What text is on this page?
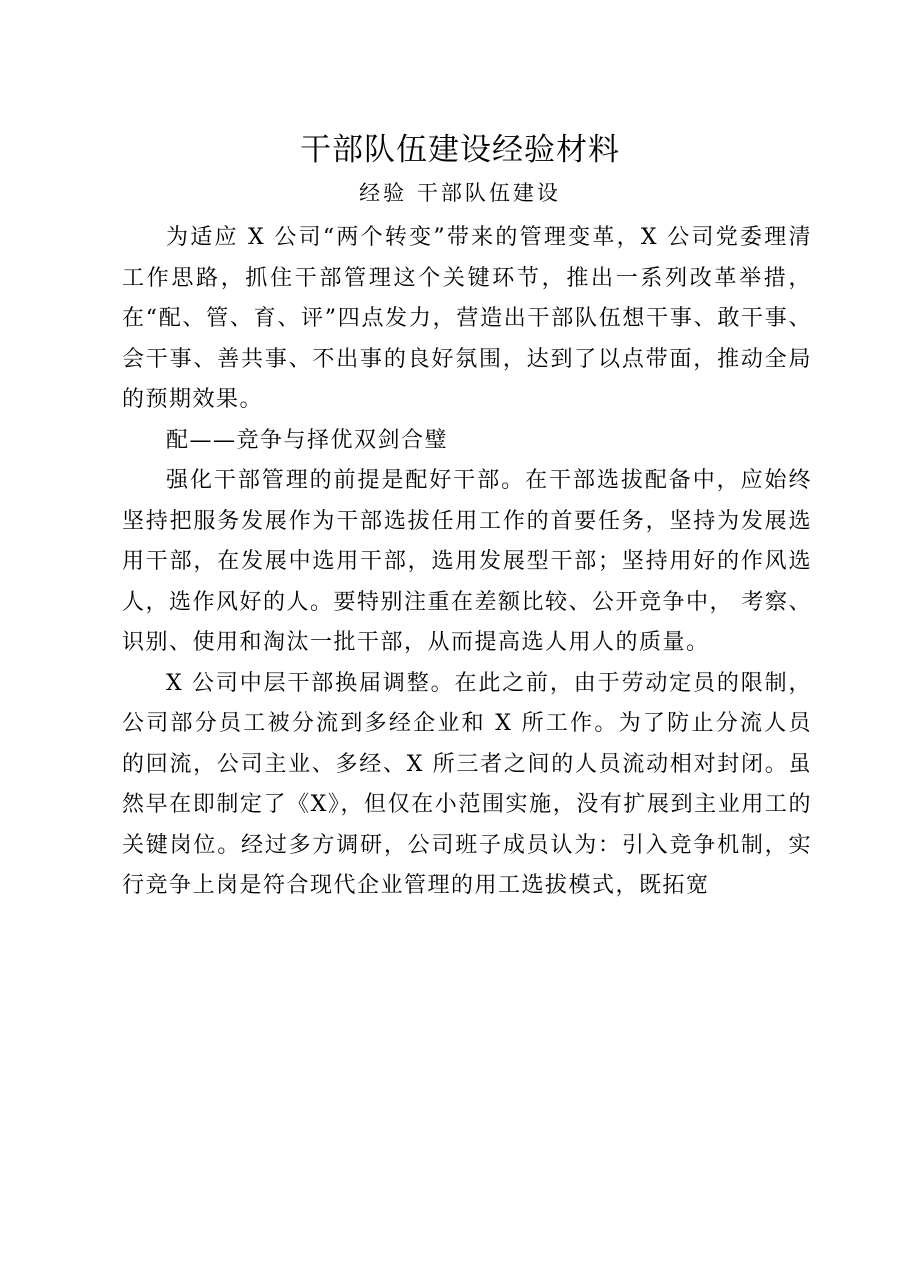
干部队伍建设经验材料
经验 干部队伍建设

为适应 X 公司“两个转变”带来的管理变革，X 公司党委理清工作思路，抓住干部管理这个关键环节，推出一系列改革举措， 在“配、管、育、评”四点发力，营造出干部队伍想干事、敢干事、会干事、善共事、不出事的良好氛围，达到了以点带面，推动全局的预期效果。

配——竞争与择优双剑合璧

强化干部管理的前提是配好干部。在干部选拔配备中，应始终坚持把服务发展作为干部选拔任用工作的首要任务，坚持为发展选用干部，在发展中选用干部，选用发展型干部；坚持用好的作风选人，选作风好的人。要特别注重在差额比较、公开竞争中， 考察、识别、使用和淘汰一批干部，从而提高选人用人的质量。

X 公司中层干部换届调整。在此之前，由于劳动定员的限制，公司部分员工被分流到多经企业和 X 所工作。为了防止分流人员的回流，公司主业、多经、X 所三者之间的人员流动相对封闭。虽然早在即制定了《X》，但仅在小范围实施，没有扩展到主业用工的关键岗位。经过多方调研，公司班子成员认为：引入竞争机制，实行竞争上岗是符合现代企业管理的用工选拔模式，既拓宽
